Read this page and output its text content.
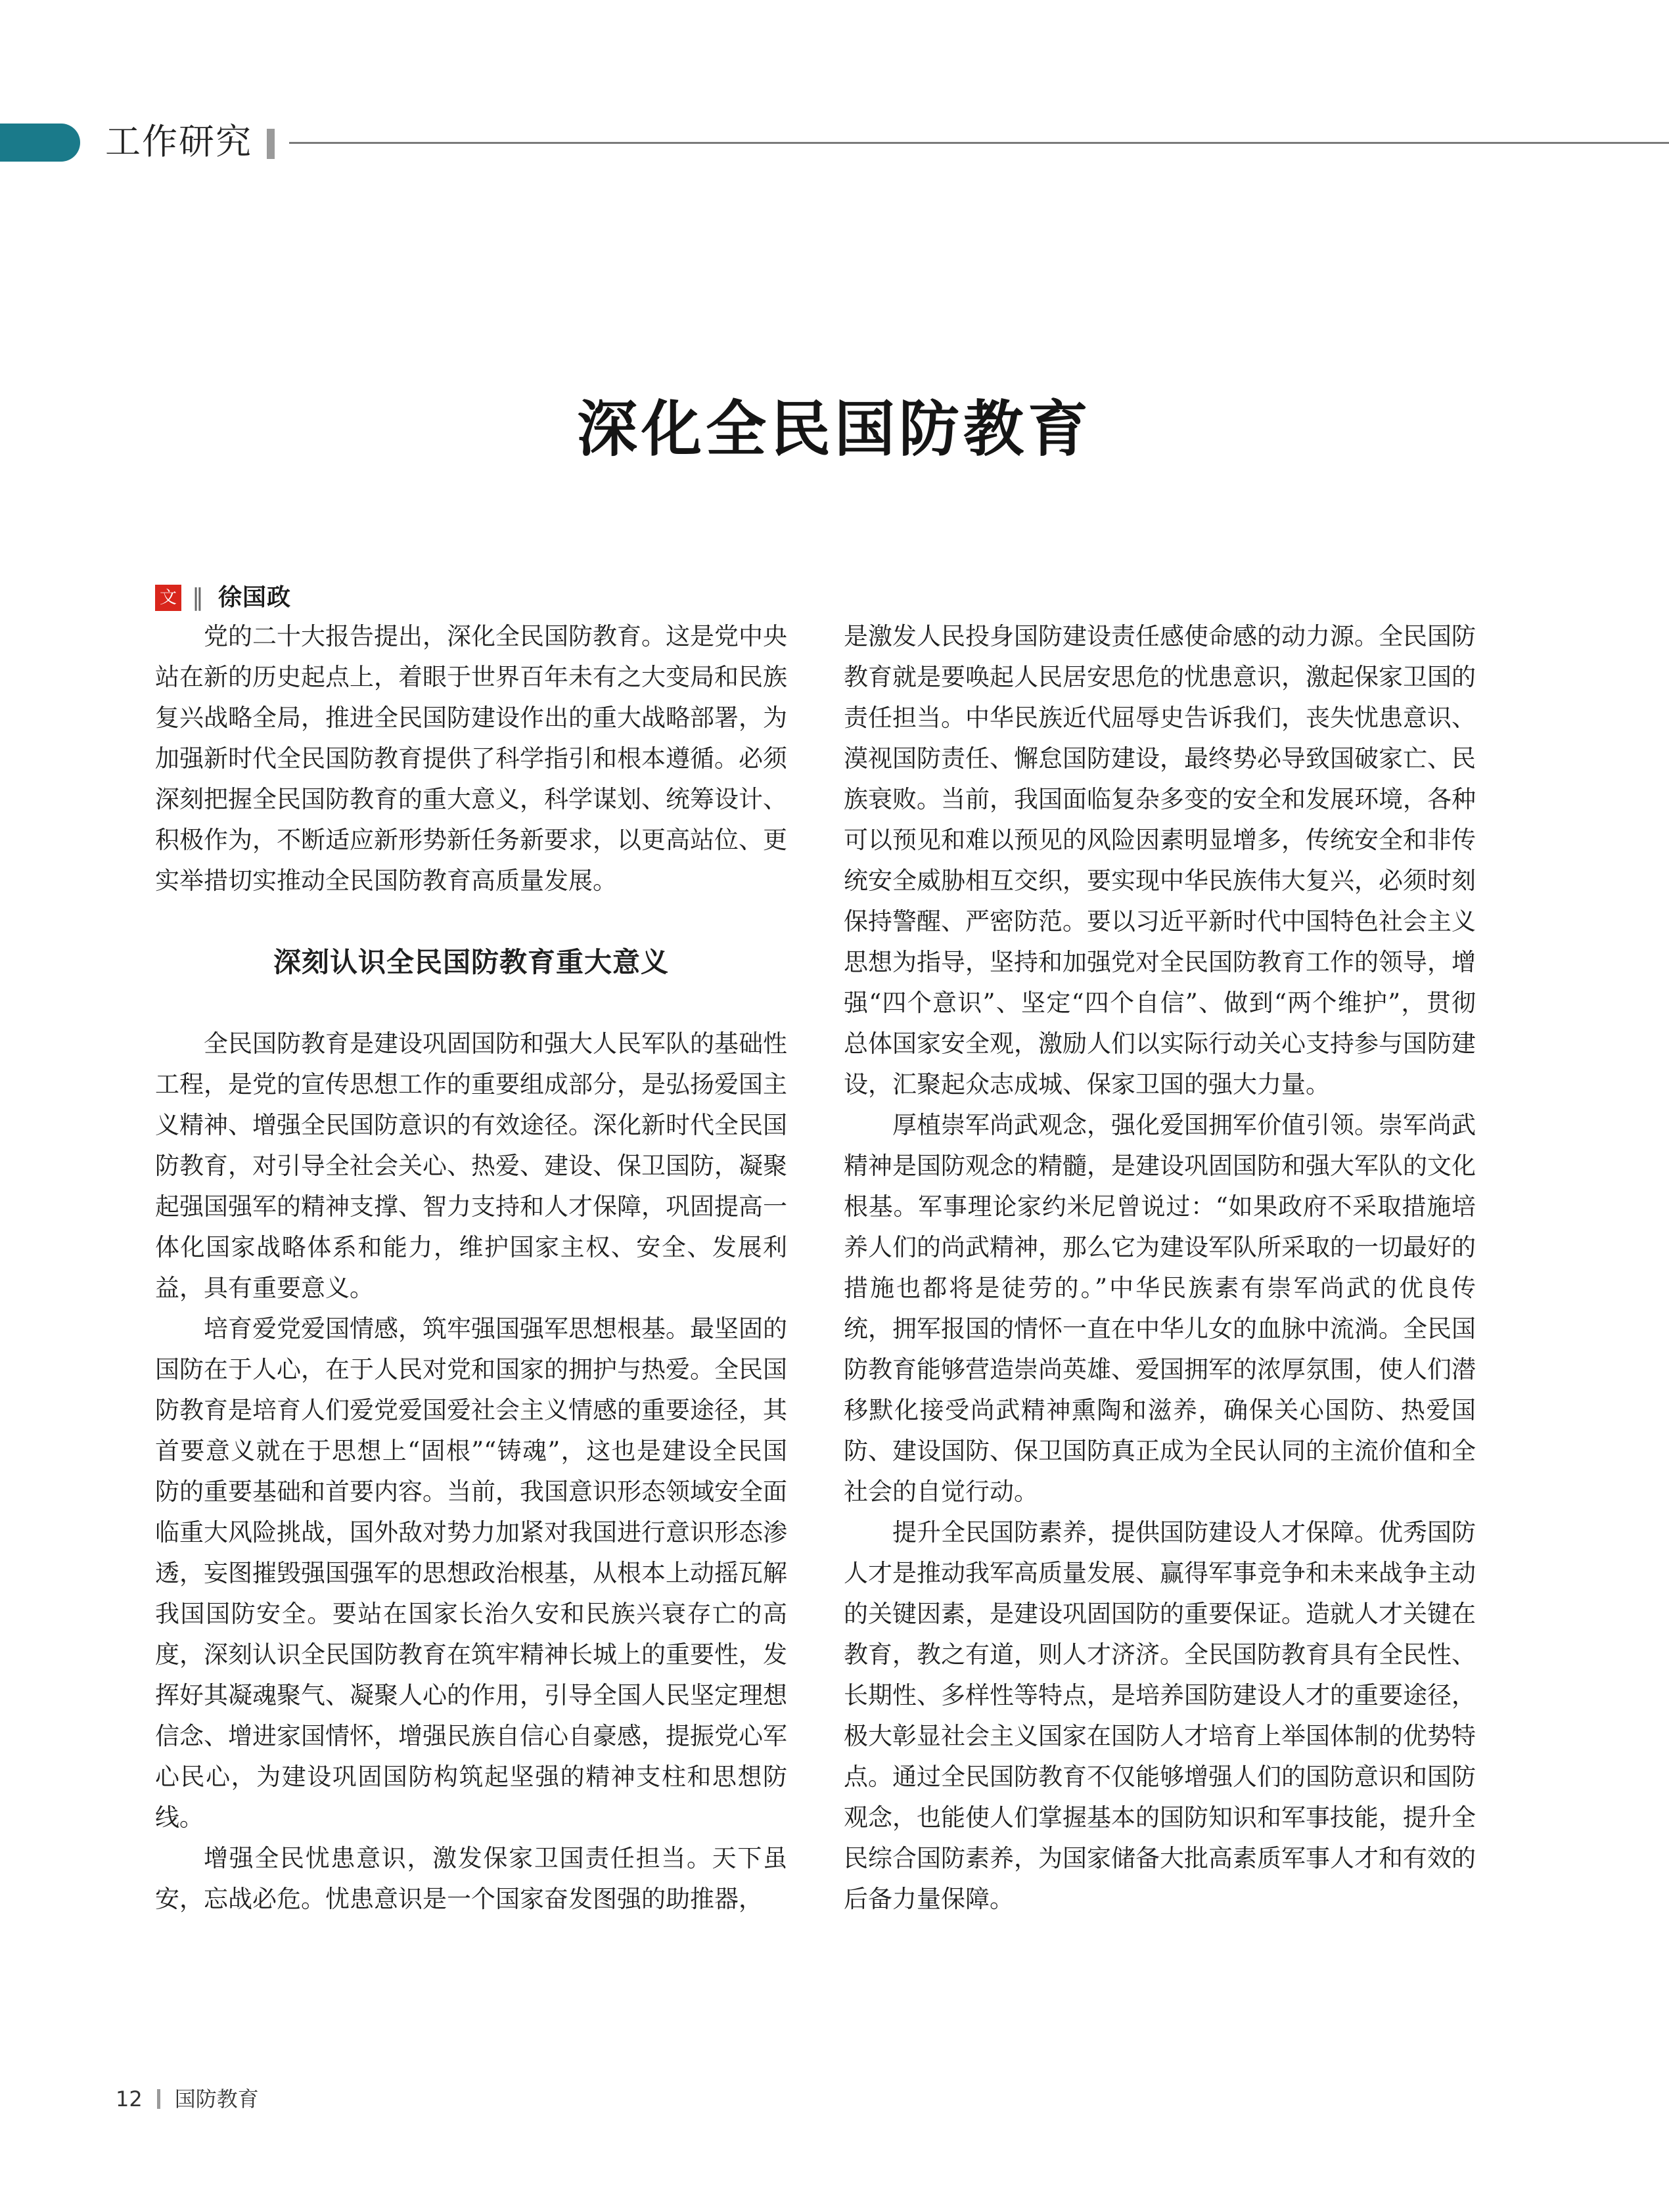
工作研究
深化全民国防教育
文 ‖ 徐国政

党的二十大报告提出，深化全民国防教育。这是党中央站在新的历史起点上，着眼于世界百年未有之大变局和民族复兴战略全局，推进全民国防建设作出的重大战略部署，为加强新时代全民国防教育提供了科学指引和根本遵循。必须深刻把握全民国防教育的重大意义，科学谋划、统筹设计、积极作为，不断适应新形势新任务新要求，以更高站位、更实举措切实推动全民国防教育高质量发展。

深刻认识全民国防教育重大意义

全民国防教育是建设巩固国防和强大人民军队的基础性工程，是党的宣传思想工作的重要组成部分，是弘扬爱国主义精神、增强全民国防意识的有效途径。深化新时代全民国防教育，对引导全社会关心、热爱、建设、保卫国防，凝聚起强国强军的精神支撑、智力支持和人才保障，巩固提高一体化国家战略体系和能力，维护国家主权、安全、发展利益，具有重要意义。

培育爱党爱国情感，筑牢强国强军思想根基。最坚固的国防在于人心，在于人民对党和国家的拥护与热爱。全民国防教育是培育人们爱党爱国爱社会主义情感的重要途径，其首要意义就在于思想上“固根”“铸魂”，这也是建设全民国防的重要基础和首要内容。当前，我国意识形态领域安全面临重大风险挑战，国外敌对势力加紧对我国进行意识形态渗透，妄图摧毁强国强军的思想政治根基，从根本上动摇瓦解我国国防安全。要站在国家长治久安和民族兴衰存亡的高度，深刻认识全民国防教育在筑牢精神长城上的重要性，发挥好其凝魂聚气、凝聚人心的作用，引导全国人民坚定理想信念、增进家国情怀，增强民族自信心自豪感，提振党心军心民心，为建设巩固国防构筑起坚强的精神支柱和思想防线。

增强全民忧患意识，激发保家卫国责任担当。天下虽安，忘战必危。忧患意识是一个国家奋发图强的助推器，

是激发人民投身国防建设责任感使命感的动力源。全民国防教育就是要唤起人民居安思危的忧患意识，激起保家卫国的责任担当。中华民族近代屈辱史告诉我们，丧失忧患意识、漠视国防责任、懈怠国防建设，最终势必导致国破家亡、民族衰败。当前，我国面临复杂多变的安全和发展环境，各种可以预见和难以预见的风险因素明显增多，传统安全和非传统安全威胁相互交织，要实现中华民族伟大复兴，必须时刻保持警醒、严密防范。要以习近平新时代中国特色社会主义思想为指导，坚持和加强党对全民国防教育工作的领导，增强“四个意识”、坚定“四个自信”、做到“两个维护”，贯彻总体国家安全观，激励人们以实际行动关心支持参与国防建设，汇聚起众志成城、保家卫国的强大力量。

厚植崇军尚武观念，强化爱国拥军价值引领。崇军尚武精神是国防观念的精髓，是建设巩固国防和强大军队的文化根基。军事理论家约米尼曾说过：“如果政府不采取措施培养人们的尚武精神，那么它为建设军队所采取的一切最好的措施也都将是徒劳的。”中华民族素有崇军尚武的优良传统，拥军报国的情怀一直在中华儿女的血脉中流淌。全民国防教育能够营造崇尚英雄、爱国拥军的浓厚氛围，使人们潜移默化接受尚武精神熏陶和滋养，确保关心国防、热爱国防、建设国防、保卫国防真正成为全民认同的主流价值和全社会的自觉行动。

提升全民国防素养，提供国防建设人才保障。优秀国防人才是推动我军高质量发展、赢得军事竞争和未来战争主动的关键因素，是建设巩固国防的重要保证。造就人才关键在教育，教之有道，则人才济济。全民国防教育具有全民性、长期性、多样性等特点，是培养国防建设人才的重要途径，极大彰显社会主义国家在国防人才培育上举国体制的优势特点。通过全民国防教育不仅能够增强人们的国防意识和国防观念，也能使人们掌握基本的国防知识和军事技能，提升全民综合国防素养，为国家储备大批高素质军事人才和有效的后备力量保障。

12 国防教育
